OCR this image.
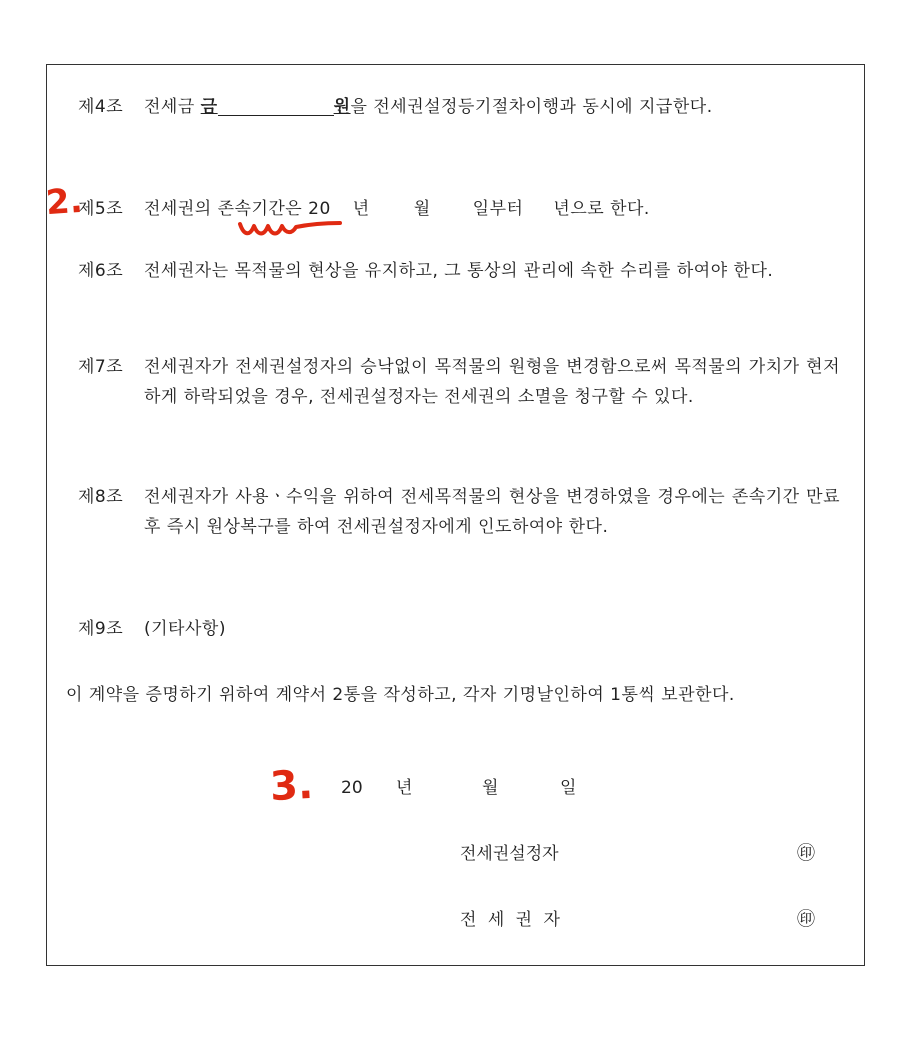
제4조	전세금 금	원을 전세권설정등기절차이행과 동시에 지급한다.
제5조	전세권의 존속기간은 20 년	월 일부터 년으로 한다.
제6조	전세권자는 목적물의 현상을 유지하고, 그 통상의 관리에 속한 수리를 하여야 한다.
제7조	전세권자가 전세권설정자의 승낙없이 목적물의 원형을 변경함으로써 목적물의 가치가 현저하게 하락되었을 경우, 전세권설정자는 전세권의 소멸을 청구할 수 있다.
제8조	전세권자가 사용ㆍ수익을 위하여 전세목적물의 현상을 변경하였을 경우에는 존속기간 만료 후 즉시 원상복구를 하여 전세권설정자에게 인도하여야 한다.
제9조	(기타사항)
이 계약을 증명하기 위하여 계약서 2통을 작성하고, 각자 기명날인하여 1통씩 보관한다.
20 년	월	일
전세권설정자	㊞
전 세 권 자	㊞
2.
3.
